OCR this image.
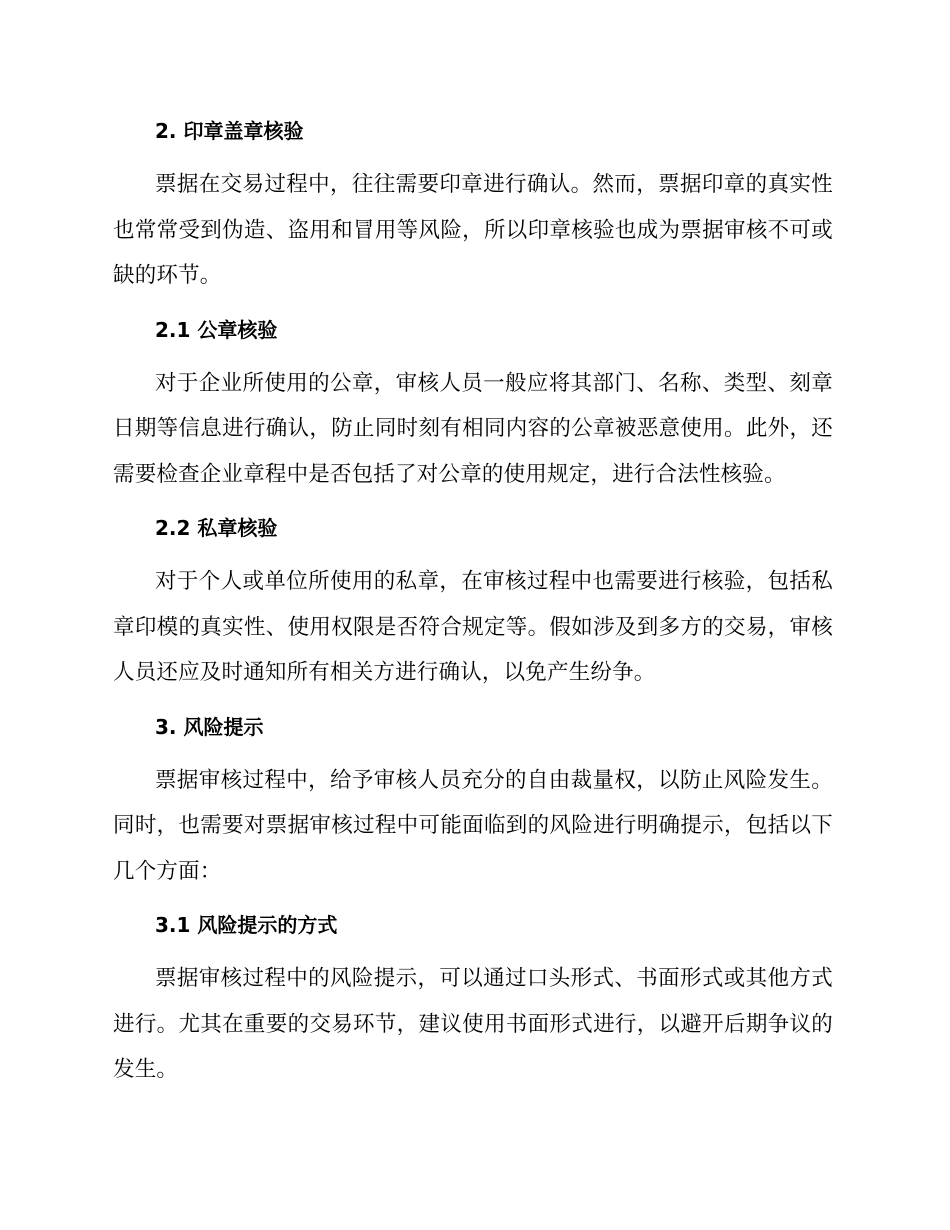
2. 印章盖章核验
票据在交易过程中，往往需要印章进行确认。然而，票据印章的真实性也常常受到伪造、盗用和冒用等风险，所以印章核验也成为票据审核不可或缺的环节。
2.1 公章核验
对于企业所使用的公章，审核人员一般应将其部门、名称、类型、刻章日期等信息进行确认，防止同时刻有相同内容的公章被恶意使用。此外，还需要检查企业章程中是否包括了对公章的使用规定，进行合法性核验。
2.2 私章核验
对于个人或单位所使用的私章，在审核过程中也需要进行核验，包括私章印模的真实性、使用权限是否符合规定等。假如涉及到多方的交易，审核人员还应及时通知所有相关方进行确认，以免产生纷争。
3. 风险提示
票据审核过程中，给予审核人员充分的自由裁量权，以防止风险发生。同时，也需要对票据审核过程中可能面临到的风险进行明确提示，包括以下几个方面：
3.1 风险提示的方式
票据审核过程中的风险提示，可以通过口头形式、书面形式或其他方式进行。尤其在重要的交易环节，建议使用书面形式进行，以避开后期争议的发生。
